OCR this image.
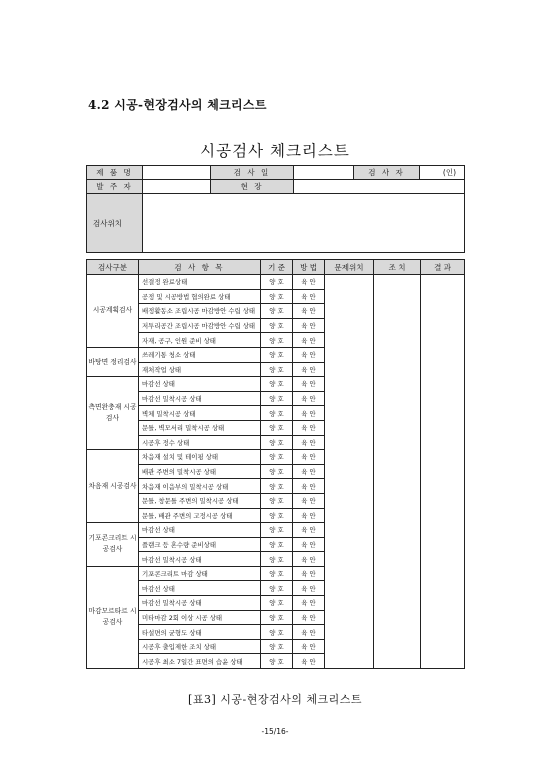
4.2 시공-현장검사의 체크리스트
시공검사 체크리스트
제 품 명		검 사 일		검 사 자	(인)
발 주 자		현 장			
검사위치					
검사구분	검 사 항 목	기 준	방 법	문제위치	조 치	결 과
시공계획검사	선결정 완료상태	양 호	육 안			
	공정 및 시공방법 협의완료 상태	양 호	육 안			
	배정활동소 조립시공 마감방안 수립 상태	양 호	육 안			
	저투리공간 조립시공 마감방안 수립 상태	양 호	육 안			
	자재, 공구, 인원 준비 상태	양 호	육 안			
바탕면 정리검사	쓰레기통 청소 상태	양 호	육 안			
	재처작업 상태	양 호	육 안			
측면완충재 시공검사	마감선 상태	양 호	육 안			
	마감선 밀착시공 상태	양 호	육 안			
	벽체 밀착시공 상태	양 호	육 안			
	문틀, 벽모서리 밀착시공 상태	양 호	육 안			
	시공후 정수 상태	양 호	육 안			
차음재 시공검사	차음재 설치 및 테이핑 상태	양 호	육 안			
	배관 주변의 밀착시공 상태	양 호	육 안			
	차음재 이음부의 밀착시공 상태	양 호	육 안			
	문틀, 창문틀 주변의 밀착시공 상태	양 호	육 안			
	문틀, 배관 주변의 고정시공 상태	양 호	육 안			
기포콘크리트 시공검사	마감선 상태	양 호	육 안			
	플랜크 등 혼수량 준비상태	양 호	육 안			
	마감선 밀착시공 상태	양 호	육 안			
마감모르타르 시공검사	기포콘크리트 마감 상태	양 호	육 안			
	마감선 상태	양 호	육 안			
	마감선 밀착시공 상태	양 호	육 안			
	미타마감 2회 이상 시공 상태	양 호	육 안			
	타설면의 균형도 상태	양 호	육 안			
	시공후 출입제한 조치 상태	양 호	육 안			
	시공후 최소 7일간 표면의 습윤 상태	양 호	육 안			
[표3] 시공-현장검사의 체크리스트
-15/16-
